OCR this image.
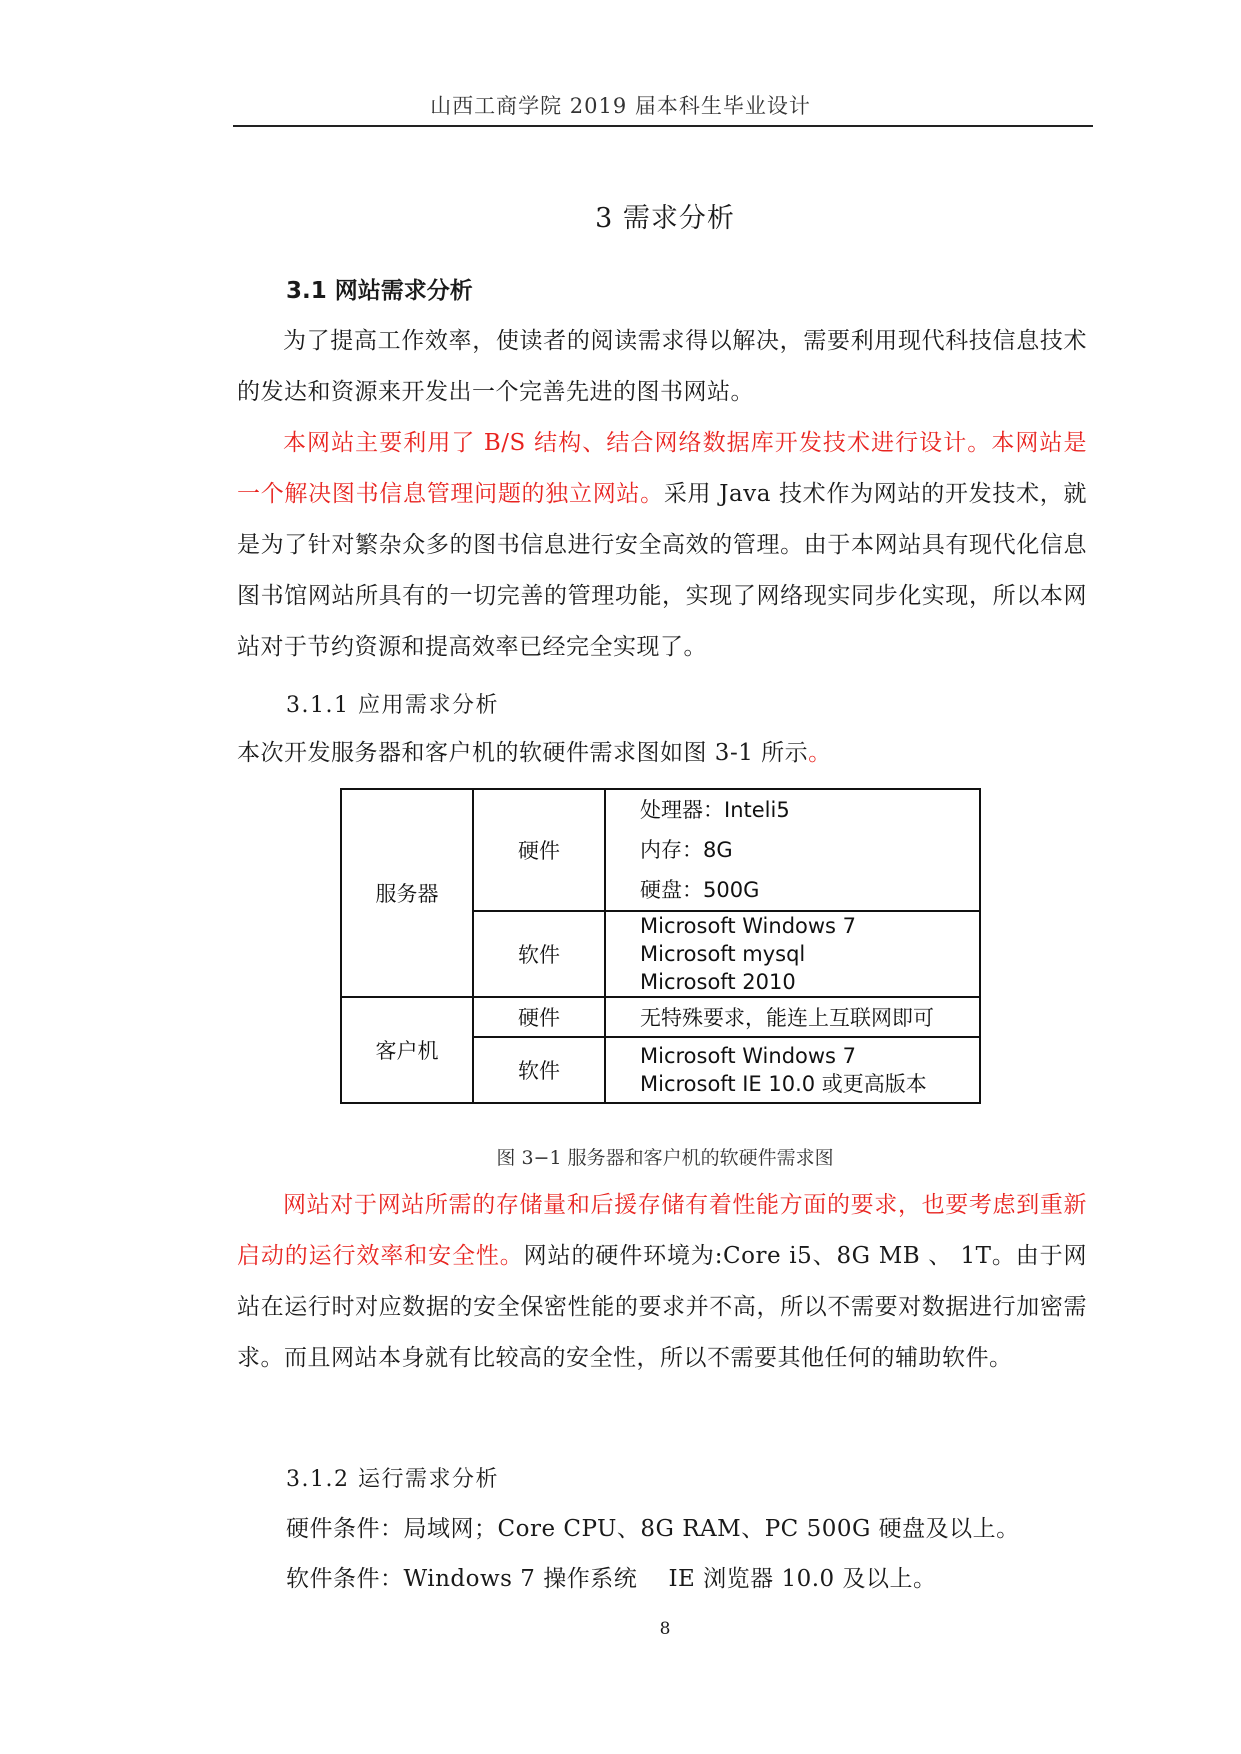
山西工商学院 2019 届本科生毕业设计
3 需求分析
3.1 网站需求分析
为了提高工作效率，使读者的阅读需求得以解决，需要利用现代科技信息技术的发达和资源来开发出一个完善先进的图书网站。
本网站主要利用了 B/S 结构、结合网络数据库开发技术进行设计。本网站是一个解决图书信息管理问题的独立网站。采用 Java 技术作为网站的开发技术，就是为了针对繁杂众多的图书信息进行安全高效的管理。由于本网站具有现代化信息图书馆网站所具有的一切完善的管理功能，实现了网络现实同步化实现，所以本网站对于节约资源和提高效率已经完全实现了。
3.1.1 应用需求分析
本次开发服务器和客户机的软硬件需求图如图 3-1 所示。
服务器	硬件	处理器：Inteli5
内存：8G
硬盘：500G

	软件	Microsoft Windows 7
Microsoft mysql
Microsoft 2010

客户机	硬件	无特殊要求，能连上互联网即可
	软件	Microsoft Windows 7
Microsoft IE 10.0 或更高版本
图 3−1 服务器和客户机的软硬件需求图
网站对于网站所需的存储量和后援存储有着性能方面的要求，也要考虑到重新启动的运行效率和安全性。网站的硬件环境为:Core i5、8G MB 、 1T。由于网站在运行时对应数据的安全保密性能的要求并不高，所以不需要对数据进行加密需求。而且网站本身就有比较高的安全性，所以不需要其他任何的辅助软件。
3.1.2 运行需求分析
硬件条件：局域网；Core CPU、8G RAM、PC 500G 硬盘及以上。
软件条件：Windows 7 操作系统    IE 浏览器 10.0 及以上。
8
